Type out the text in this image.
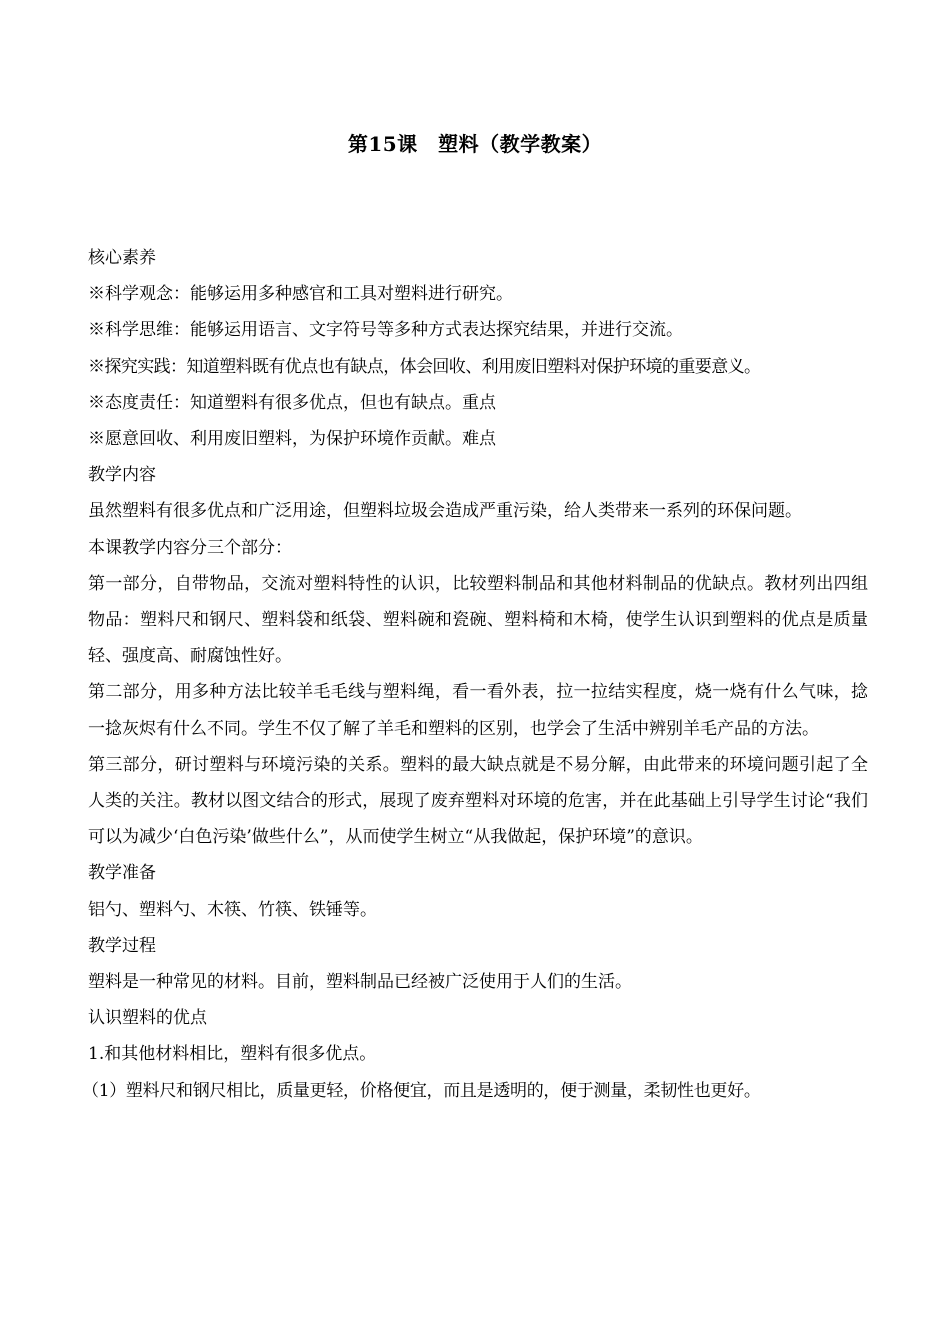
第15课　塑料（教学教案）

核心素养

※科学观念：能够运用多种感官和工具对塑料进行研究。

※科学思维：能够运用语言、文字符号等多种方式表达探究结果，并进行交流。

※探究实践：知道塑料既有优点也有缺点，体会回收、利用废旧塑料对保护环境的重要意义。

※态度责任：知道塑料有很多优点，但也有缺点。重点

※愿意回收、利用废旧塑料，为保护环境作贡献。难点

教学内容

虽然塑料有很多优点和广泛用途，但塑料垃圾会造成严重污染，给人类带来一系列的环保问题。

本课教学内容分三个部分：

第一部分，自带物品，交流对塑料特性的认识，比较塑料制品和其他材料制品的优缺点。教材列出四组物品：塑料尺和钢尺、塑料袋和纸袋、塑料碗和瓷碗、塑料椅和木椅，使学生认识到塑料的优点是质量轻、强度高、耐腐蚀性好。

第二部分，用多种方法比较羊毛毛线与塑料绳，看一看外表，拉一拉结实程度，烧一烧有什么气味，捻一捻灰烬有什么不同。学生不仅了解了羊毛和塑料的区别，也学会了生活中辨别羊毛产品的方法。

第三部分，研讨塑料与环境污染的关系。塑料的最大缺点就是不易分解，由此带来的环境问题引起了全人类的关注。教材以图文结合的形式，展现了废弃塑料对环境的危害，并在此基础上引导学生讨论“我们可以为减少‘白色污染’做些什么”，从而使学生树立“从我做起，保护环境”的意识。

教学准备

铝勺、塑料勺、木筷、竹筷、铁锤等。

教学过程

塑料是一种常见的材料。目前，塑料制品已经被广泛使用于人们的生活。

认识塑料的优点

1.和其他材料相比，塑料有很多优点。

（1）塑料尺和钢尺相比，质量更轻，价格便宜，而且是透明的，便于测量，柔韧性也更好。
